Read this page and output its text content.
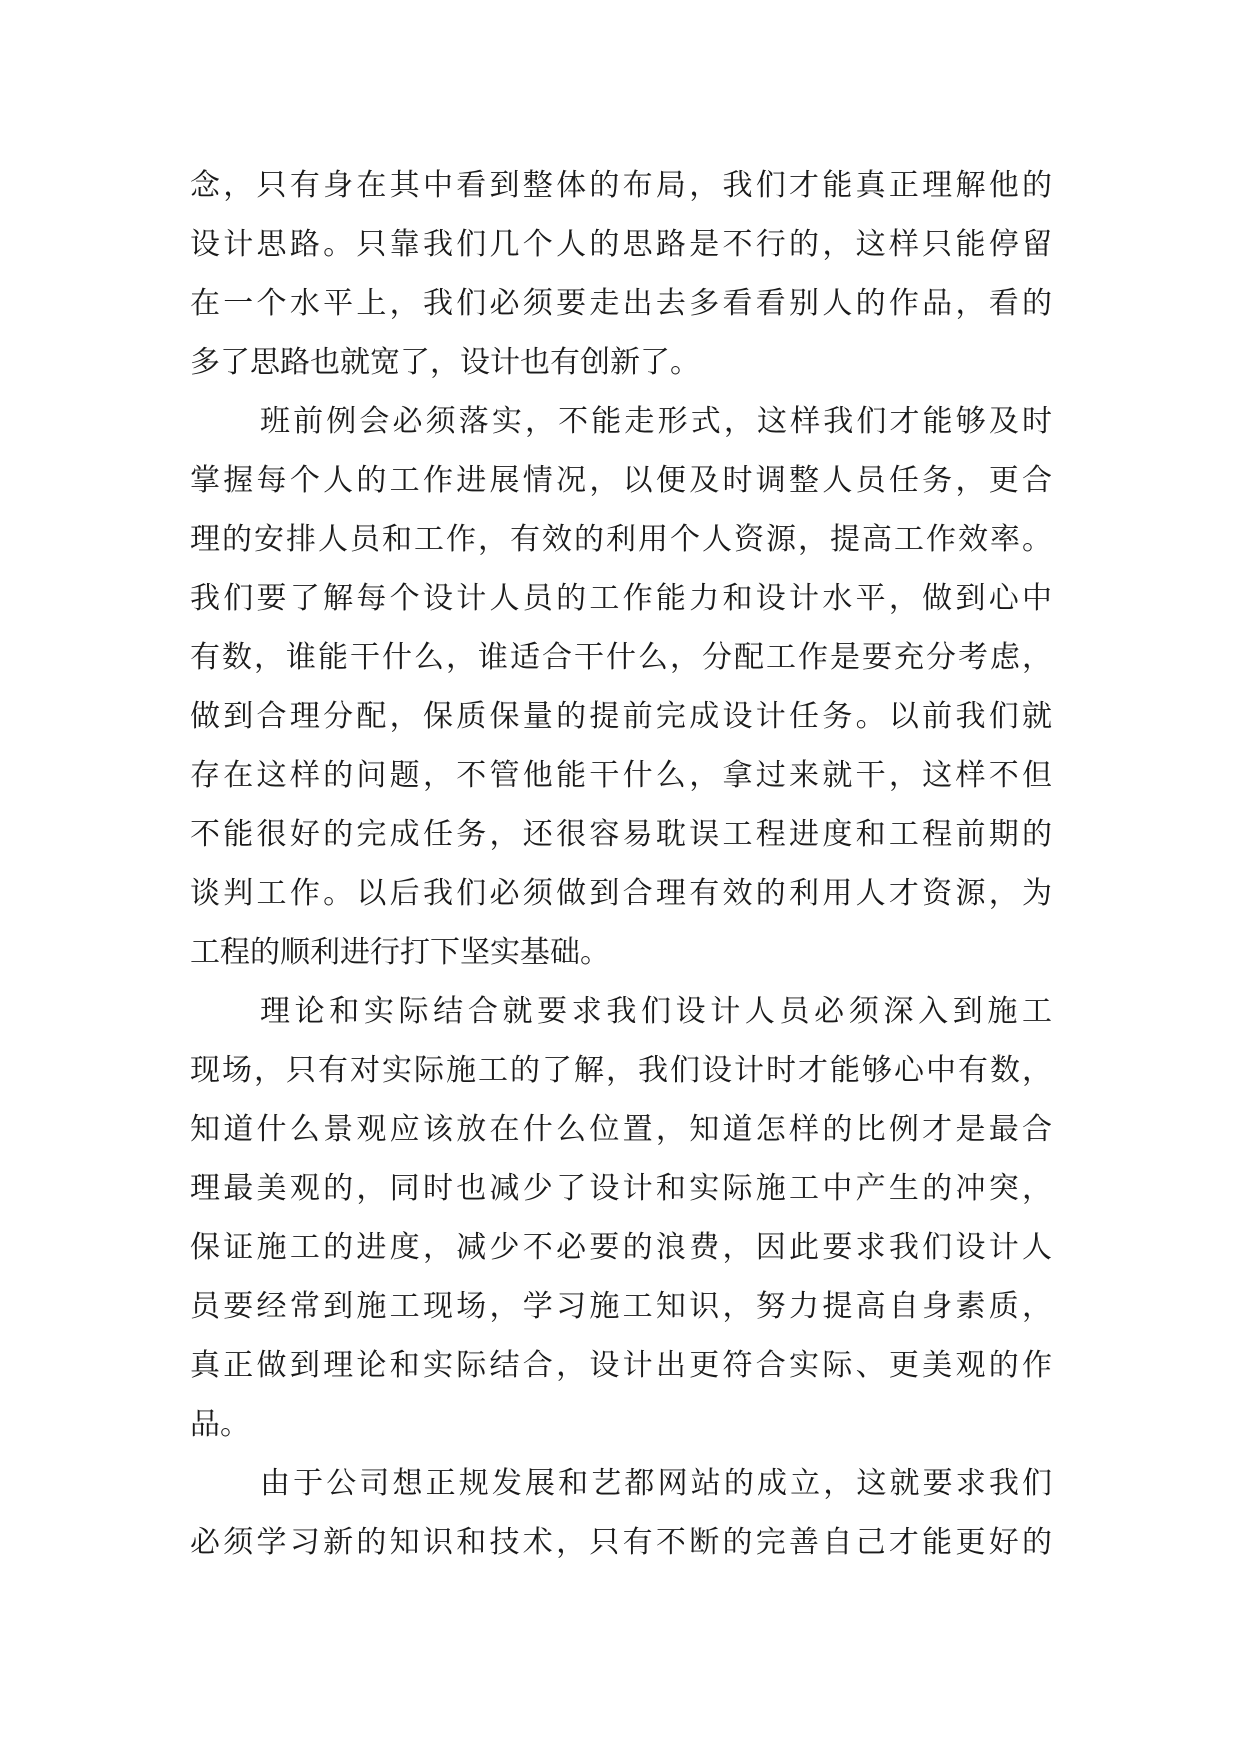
念，只有身在其中看到整体的布局，我们才能真正理解他的
设计思路。只靠我们几个人的思路是不行的，这样只能停留
在一个水平上，我们必须要走出去多看看别人的作品，看的
多了思路也就宽了，设计也有创新了。
班前例会必须落实，不能走形式，这样我们才能够及时
掌握每个人的工作进展情况，以便及时调整人员任务，更合
理的安排人员和工作，有效的利用个人资源，提高工作效率。
我们要了解每个设计人员的工作能力和设计水平，做到心中
有数，谁能干什么，谁适合干什么，分配工作是要充分考虑，
做到合理分配，保质保量的提前完成设计任务。以前我们就
存在这样的问题，不管他能干什么，拿过来就干，这样不但
不能很好的完成任务，还很容易耽误工程进度和工程前期的
谈判工作。以后我们必须做到合理有效的利用人才资源，为
工程的顺利进行打下坚实基础。
理论和实际结合就要求我们设计人员必须深入到施工
现场，只有对实际施工的了解，我们设计时才能够心中有数，
知道什么景观应该放在什么位置，知道怎样的比例才是最合
理最美观的，同时也减少了设计和实际施工中产生的冲突，
保证施工的进度，减少不必要的浪费，因此要求我们设计人
员要经常到施工现场，学习施工知识，努力提高自身素质，
真正做到理论和实际结合，设计出更符合实际、更美观的作
品。
由于公司想正规发展和艺都网站的成立，这就要求我们
必须学习新的知识和技术，只有不断的完善自己才能更好的
